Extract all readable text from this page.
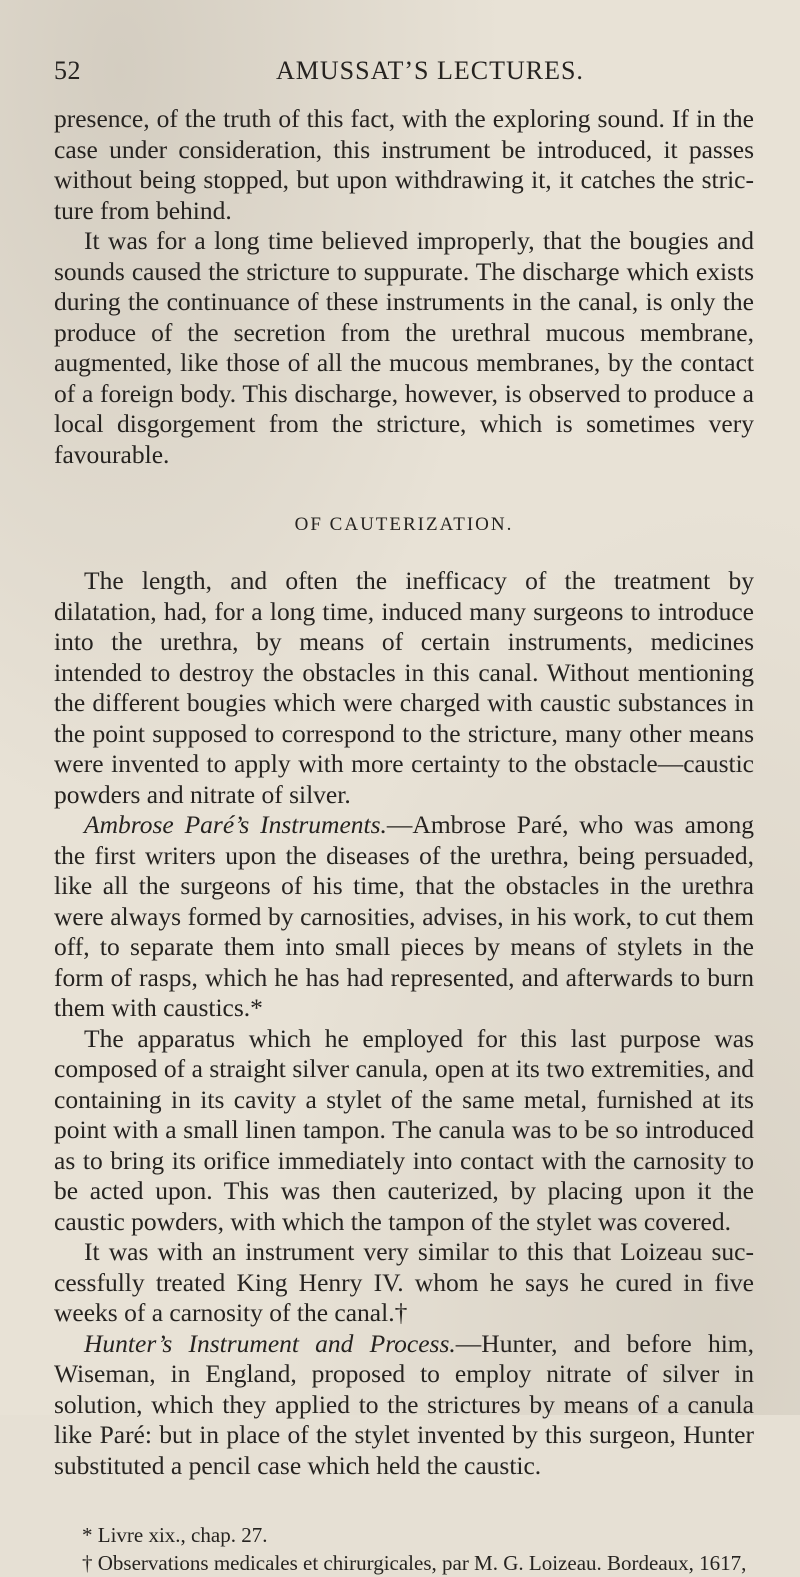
52	AMUSSAT’S LECTURES.

presence, of the truth of this fact, with the exploring sound. If in the case under consideration, this instrument be introduced, it passes without being stopped, but upon withdrawing it, it catches the stricture from behind.

It was for a long time believed improperly, that the bougies and sounds caused the stricture to suppurate. The discharge which exists during the continuance of these instruments in the canal, is only the produce of the secretion from the urethral mucous membrane, augmented, like those of all the mucous membranes, by the contact of a foreign body. This discharge, however, is observed to produce a local disgorgement from the stricture, which is sometimes very favourable.

OF CAUTERIZATION.

The length, and often the inefficacy of the treatment by dilatation, had, for a long time, induced many surgeons to introduce into the urethra, by means of certain instruments, medicines intended to destroy the obstacles in this canal. Without mentioning the different bougies which were charged with caustic substances in the point supposed to correspond to the stricture, many other means were invented to apply with more certainty to the obstacle—caustic powders and nitrate of silver.

Ambrose Paré’s Instruments.—Ambrose Paré, who was among the first writers upon the diseases of the urethra, being persuaded, like all the surgeons of his time, that the obstacles in the urethra were always formed by carnosities, advises, in his work, to cut them off, to separate them into small pieces by means of stylets in the form of rasps, which he has had represented, and afterwards to burn them with caustics.*

The apparatus which he employed for this last purpose was composed of a straight silver canula, open at its two extremities, and containing in its cavity a stylet of the same metal, furnished at its point with a small linen tampon. The canula was to be so introduced as to bring its orifice immediately into contact with the carnosity to be acted upon. This was then cauterized, by placing upon it the caustic powders, with which the tampon of the stylet was covered.

It was with an instrument very similar to this that Loizeau successfully treated King Henry IV. whom he says he cured in five weeks of a carnosity of the canal.†

Hunter’s Instrument and Process.—Hunter, and before him, Wiseman, in England, proposed to employ nitrate of silver in solution, which they applied to the strictures by means of a canula like Paré: but in place of the stylet invented by this surgeon, Hunter substituted a pencil case which held the caustic.

* Livre xix., chap. 27.
† Observations medicales et chirurgicales, par M. G. Loizeau. Bordeaux, 1617,
